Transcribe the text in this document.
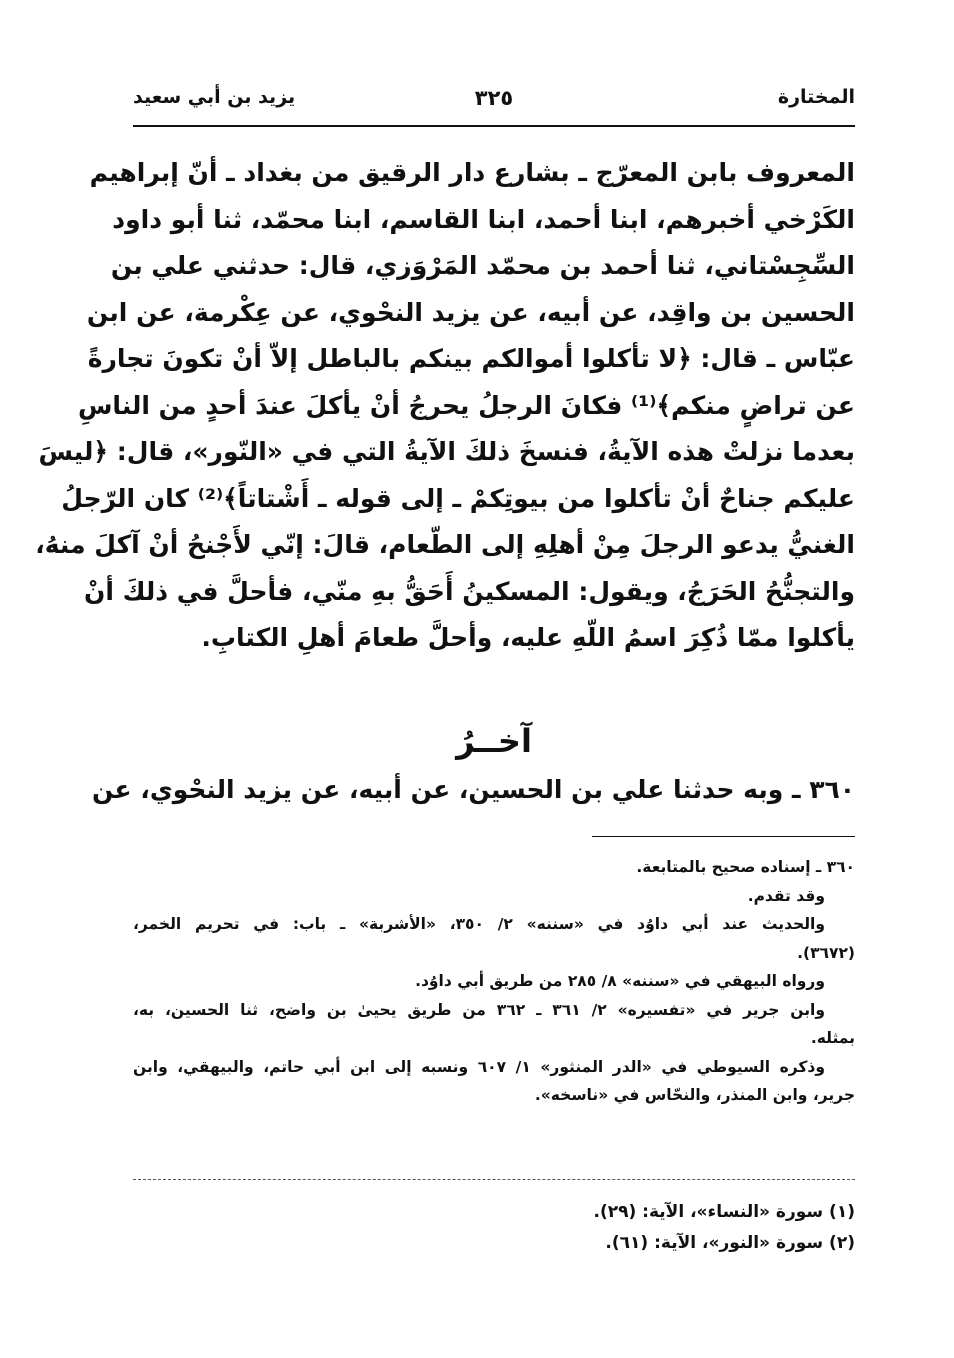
المختارة
٣٢٥
يزيد بن أبي سعيد

المعروف بابن المعرّج ـ بشارع دار الرقيق من بغداد ـ أنّ إبراهيم
الكَرْخي أخبرهم، ابنا أحمد، ابنا القاسم، ابنا محمّد، ثنا أبو داود
السِّجِسْتاني، ثنا أحمد بن محمّد المَرْوَزي، قال: حدثني علي بن
الحسين بن واقِد، عن أبيه، عن يزيد النحْوي، عن عِكْرمة، عن ابن
عبّاس ـ قال: ﴿لا تأكلوا أموالكم بينكم بالباطل إلاّ أنْ تكونَ تجارةً
عن تراضٍ منكم﴾⁽¹⁾ فكانَ الرجلُ يحرجُ أنْ يأكلَ عندَ أحدٍ من الناسِ
بعدما نزلتْ هذه الآيةُ، فنسخَ ذلكَ الآيةُ التي في «النّور»، قال: ﴿ليسَ
عليكم جناحٌ أنْ تأكلوا من بيوتِكمْ ـ إلى قوله ـ أَشْتاتاً﴾⁽²⁾ كان الرّجلُ
الغنيُّ يدعو الرجلَ مِنْ أهلِهِ إلى الطّعام، قالَ: إنّي لأَجْنحُ أنْ آكلَ منهُ،
والتجنُّحُ الحَرَجُ، ويقول: المسكينُ أَحَقُّ بهِ منّي، فأحلَّ في ذلكَ أنْ
يأكلوا ممّا ذُكِرَ اسمُ اللّهِ عليه، وأحلَّ طعامَ أهلِ الكتابِ.

آخــرُ
٣٦٠ ـ وبه حدثنا علي بن الحسين، عن أبيه، عن يزيد النحْوي، عن
٣٦٠ ـ إسناده صحيح بالمتابعة.
وقد تقدم.
والحديث عند أبي داوُد في «سننه» ٢/ ٣٥٠، «الأشربة» ـ باب: في تحريم الخمر،
(٣٦٧٢).
ورواه البيهقي في «سننه» ٨/ ٢٨٥ من طريق أبي داوُد.
وابن جرير في «تفسيره» ٢/ ٣٦١ ـ ٣٦٢ من طريق يحيىٰ بن واضح، ثنا الحسين، به،
بمثله.
وذكره السيوطي في «الدر المنثور» ١/ ٦٠٧ ونسبه إلى ابن أبي حاتم، والبيهقي، وابن
جرير، وابن المنذر، والنحّاس في «ناسخه».
(١) سورة «النساء»، الآية: (٢٩).
(٢) سورة «النور»، الآية: (٦١).
